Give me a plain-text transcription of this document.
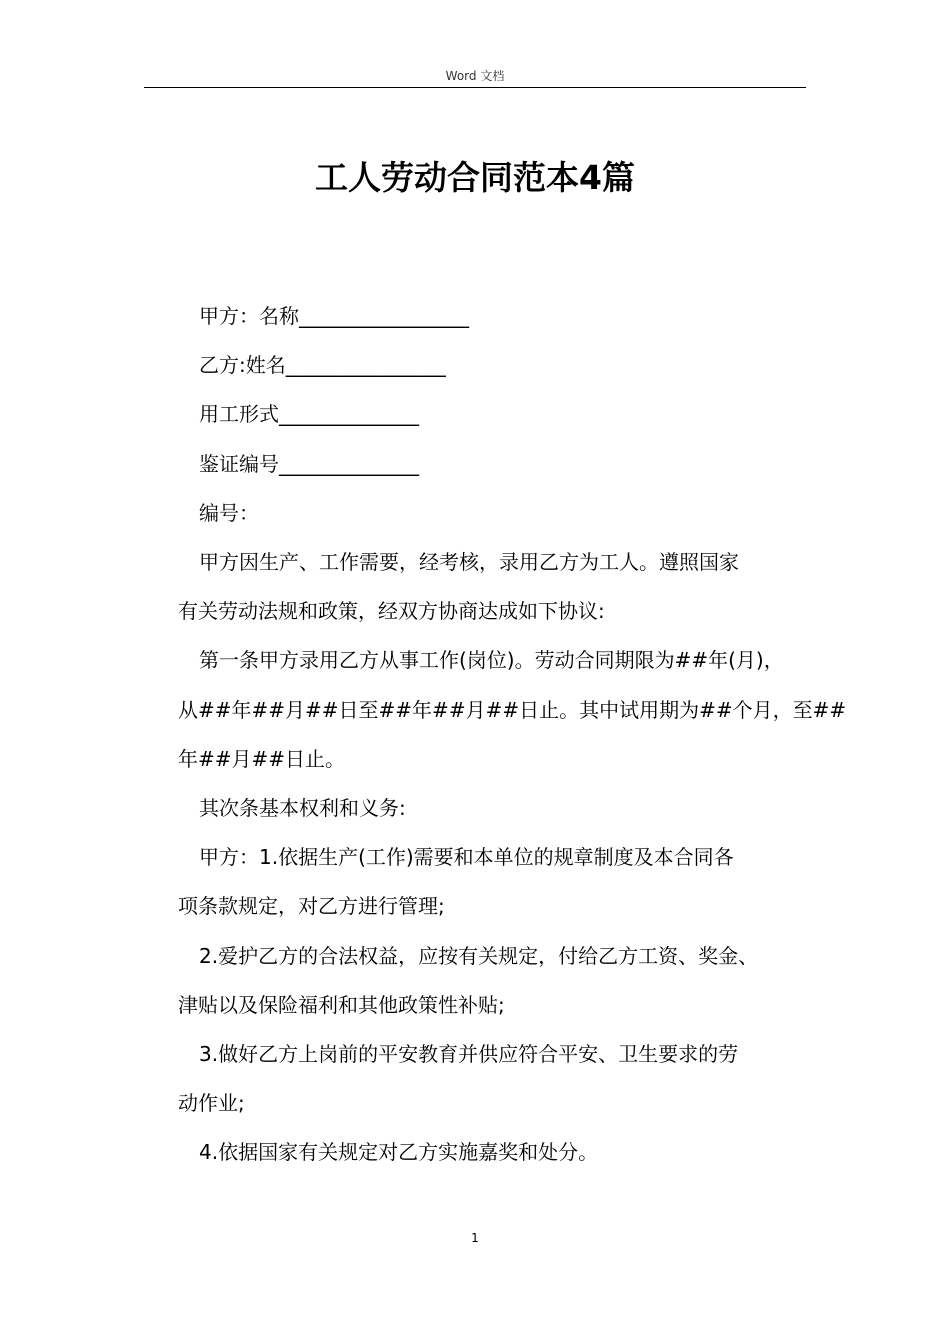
Word 文档
工人劳动合同范本4篇

甲方：名称_________________

乙方:姓名________________

用工形式______________

鉴证编号______________

编号：

甲方因生产、工作需要，经考核，录用乙方为工人。遵照国家

有关劳动法规和政策，经双方协商达成如下协议:

第一条甲方录用乙方从事工作(岗位)。劳动合同期限为##年(月)，

从##年##月##日至##年##月##日止。其中试用期为##个月，至##

年##月##日止。

其次条基本权利和义务:

甲方：1.依据生产(工作)需要和本单位的规章制度及本合同各

项条款规定，对乙方进行管理;

2.爱护乙方的合法权益，应按有关规定，付给乙方工资、奖金、

津贴以及保险福利和其他政策性补贴;

3.做好乙方上岗前的平安教育并供应符合平安、卫生要求的劳

动作业;

4.依据国家有关规定对乙方实施嘉奖和处分。

1
